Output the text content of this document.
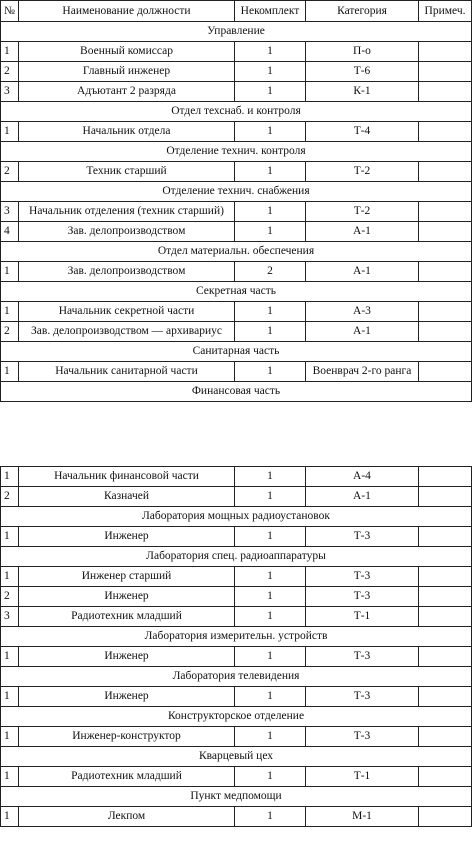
№	Наименование должности	Некомплект	Категория	Примеч.
Управление				
1	Военный комиссар	1	П-о	
2	Главный инженер	1	Т-6	
3	Адъютант 2 разряда	1	К-1	
Отдел техснаб. и контроля				
1	Начальник отдела	1	Т-4	
Отделение технич. контроля				
2	Техник старший	1	Т-2	
Отделение технич. снабжения				
3	Начальник отделения (техник старший)	1	Т-2	
4	Зав. делопроизводством	1	А-1	
Отдел материальн. обеспечения				
1	Зав. делопроизводством	2	А-1	
Секретная часть				
1	Начальник секретной части	1	А-3	
2	Зав. делопроизводством — архивариус	1	А-1	
Санитарная часть				
1	Начальник санитарной части	1	Военврач 2-го ранга	
Финансовая часть				
1	Начальник финансовой части	1	А-4	
2	Казначей	1	А-1	
Лаборатория мощных радиоустановок				
1	Инженер	1	Т-3	
Лаборатория спец. радиоаппаратуры				
1	Инженер старший	1	Т-3	
2	Инженер	1	Т-3	
3	Радиотехник младший	1	Т-1	
Лаборатория измерительн. устройств				
1	Инженер	1	Т-3	
Лаборатория телевидения				
1	Инженер	1	Т-3	
Конструкторское отделение				
1	Инженер-конструктор	1	Т-3	
Кварцевый цех				
1	Радиотехник младший	1	Т-1	
Пункт медпомощи				
1	Лекпом	1	М-1	
